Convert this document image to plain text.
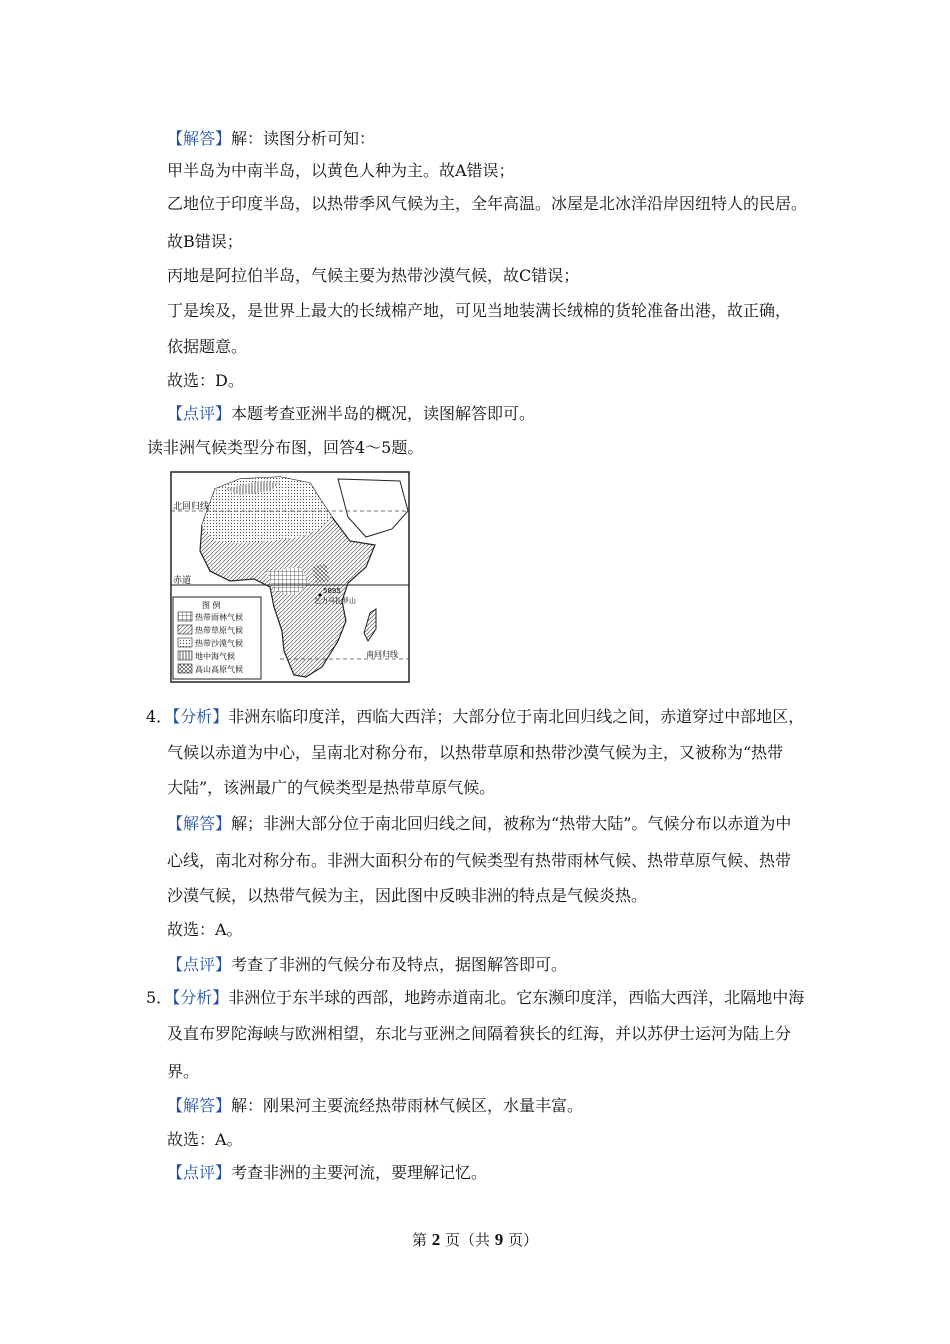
【解答】解：读图分析可知：
甲半岛为中南半岛，以黄色人种为主。故A错误；
乙地位于印度半岛，以热带季风气候为主，全年高温。冰屋是北冰洋沿岸因纽特人的民居。
故B错误；
丙地是阿拉伯半岛，气候主要为热带沙漠气候，故C错误；
丁是埃及，是世界上最大的长绒棉产地，可见当地装满长绒棉的货轮准备出港，故正确，
依据题意。
故选：D。
【点评】本题考查亚洲半岛的概况，读图解答即可。
读非洲气候类型分布图，回答4～5题。
北回归线
赤道
南回归线
5895
乞力马扎罗山
图 例
热带雨林气候
热带草原气候
热带沙漠气候
地中海气候
高山高原气候
4．【分析】非洲东临印度洋，西临大西洋；大部分位于南北回归线之间，赤道穿过中部地区，
气候以赤道为中心，呈南北对称分布，以热带草原和热带沙漠气候为主，又被称为“热带
大陆”，该洲最广的气候类型是热带草原气候。
【解答】解；非洲大部分位于南北回归线之间，被称为“热带大陆”。气候分布以赤道为中
心线，南北对称分布。非洲大面积分布的气候类型有热带雨林气候、热带草原气候、热带
沙漠气候，以热带气候为主，因此图中反映非洲的特点是气候炎热。
故选：A。
【点评】考查了非洲的气候分布及特点，据图解答即可。
5．【分析】非洲位于东半球的西部，地跨赤道南北。它东濒印度洋，西临大西洋，北隔地中海
及直布罗陀海峡与欧洲相望，东北与亚洲之间隔着狭长的红海，并以苏伊士运河为陆上分
界。
【解答】解：刚果河主要流经热带雨林气候区，水量丰富。
故选：A。
【点评】考查非洲的主要河流，要理解记忆。
第 2 页（共 9 页）
